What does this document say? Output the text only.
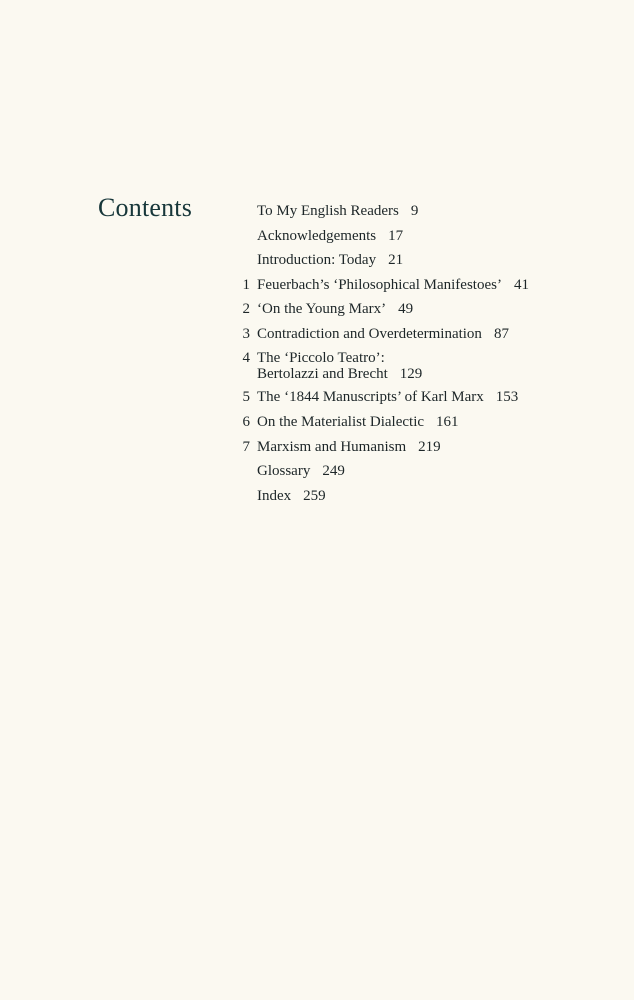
Contents	To My English Readers 9
Acknowledgements 17
Introduction: Today 21
1 Feuerbach’s ‘Philosophical Manifestoes’ 41
2 ‘On the Young Marx’ 49
3 Contradiction and Overdetermination 87
4 The ‘Piccolo Teatro’:
Bertolazzi and Brecht 129
5 The ‘1844 Manuscripts’ of Karl Marx 153
6 On the Materialist Dialectic 161
7 Marxism and Humanism 219
Glossary 249
Index 259
